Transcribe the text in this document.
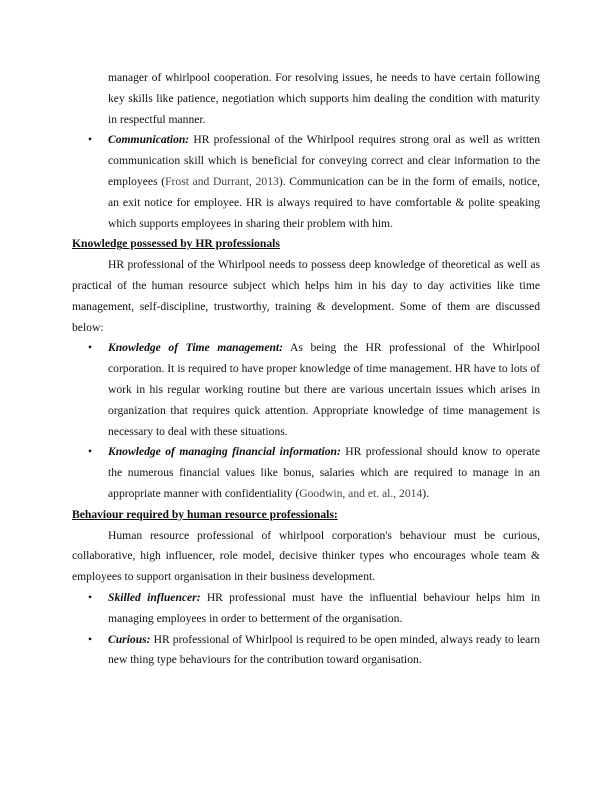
manager of whirlpool cooperation. For resolving issues, he needs to have certain following key skills like patience, negotiation which supports him dealing the condition with maturity in respectful manner.

• Communication: HR professional of the Whirlpool requires strong oral as well as written communication skill which is beneficial for conveying correct and clear information to the employees (Frost and Durrant, 2013). Communication can be in the form of emails, notice, an exit notice for employee. HR is always required to have comfortable & polite speaking which supports employees in sharing their problem with him.

Knowledge possessed by HR professionals

HR professional of the Whirlpool needs to possess deep knowledge of theoretical as well as practical of the human resource subject which helps him in his day to day activities like time management, self-discipline, trustworthy, training & development. Some of them are discussed below:

• Knowledge of Time management: As being the HR professional of the Whirlpool corporation. It is required to have proper knowledge of time management. HR have to lots of work in his regular working routine but there are various uncertain issues which arises in organization that requires quick attention. Appropriate knowledge of time management is necessary to deal with these situations.
• Knowledge of managing financial information: HR professional should know to operate the numerous financial values like bonus, salaries which are required to manage in an appropriate manner with confidentiality (Goodwin, and et. al., 2014).

Behaviour required by human resource professionals:

Human resource professional of whirlpool corporation's behaviour must be curious, collaborative, high influencer, role model, decisive thinker types who encourages whole team & employees to support organisation in their business development.

• Skilled influencer: HR professional must have the influential behaviour helps him in managing employees in order to betterment of the organisation.
• Curious: HR professional of Whirlpool is required to be open minded, always ready to learn new thing type behaviours for the contribution toward organisation.
